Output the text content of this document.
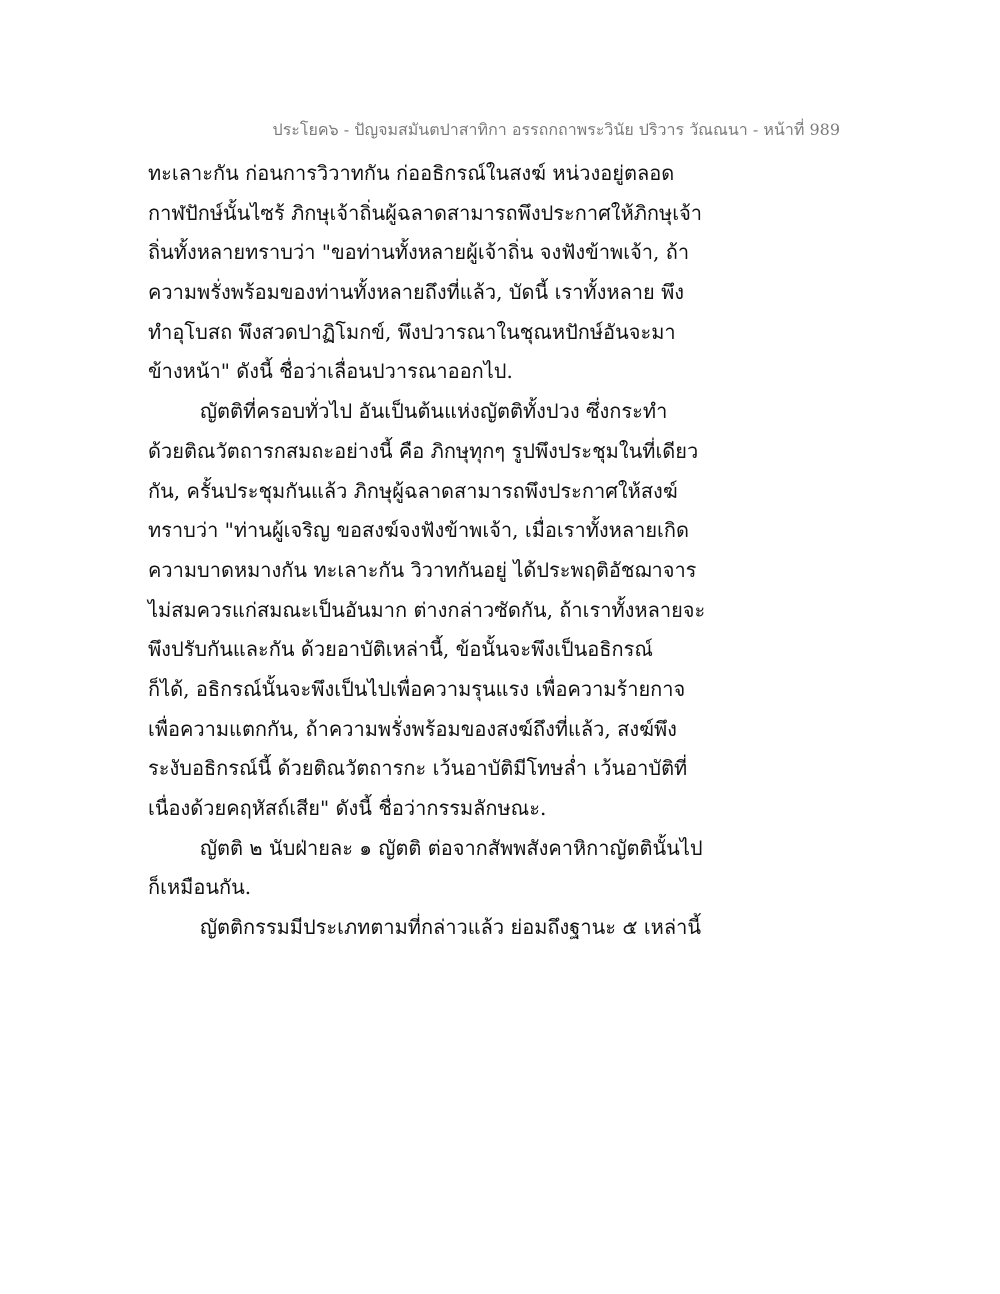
ประโยค๖ - ปัญจมสมันตปาสาทิกา อรรถกถาพระวินัย ปริวาร วัณณนา - หน้าที่ 989
ทะเลาะกัน ก่อนการวิวาทกัน ก่ออธิกรณ์ในสงฆ์ หน่วงอยู่ตลอด
กาฬปักษ์นั้นไซร้ ภิกษุเจ้าถิ่นผู้ฉลาดสามารถพึงประกาศให้ภิกษุเจ้า
ถิ่นทั้งหลายทราบว่า "ขอท่านทั้งหลายผู้เจ้าถิ่น จงฟังข้าพเจ้า, ถ้า
ความพรั่งพร้อมของท่านทั้งหลายถึงที่แล้ว, บัดนี้ เราทั้งหลาย พึง
ทำอุโบสถ พึงสวดปาฏิโมกข์, พึงปวารณาในชุณหปักษ์อันจะมา
ข้างหน้า" ดังนี้ ชื่อว่าเลื่อนปวารณาออกไป.
ญัตติที่ครอบทั่วไป อันเป็นต้นแห่งญัตติทั้งปวง ซึ่งกระทำ
ด้วยติณวัตถารกสมถะอย่างนี้ คือ ภิกษุทุกๆ รูปพึงประชุมในที่เดียว
กัน, ครั้นประชุมกันแล้ว ภิกษุผู้ฉลาดสามารถพึงประกาศให้สงฆ์
ทราบว่า "ท่านผู้เจริญ ขอสงฆ์จงฟังข้าพเจ้า, เมื่อเราทั้งหลายเกิด
ความบาดหมางกัน ทะเลาะกัน วิวาทกันอยู่ ได้ประพฤติอัชฌาจาร
ไม่สมควรแก่สมณะเป็นอันมาก ต่างกล่าวซัดกัน, ถ้าเราทั้งหลายจะ
พึงปรับกันและกัน ด้วยอาบัติเหล่านี้, ข้อนั้นจะพึงเป็นอธิกรณ์
ก็ได้, อธิกรณ์นั้นจะพึงเป็นไปเพื่อความรุนแรง เพื่อความร้ายกาจ
เพื่อความแตกกัน, ถ้าความพรั่งพร้อมของสงฆ์ถึงที่แล้ว, สงฆ์พึง
ระงับอธิกรณ์นี้ ด้วยติณวัตถารกะ เว้นอาบัติมีโทษล่ำ เว้นอาบัติที่
เนื่องด้วยคฤหัสถ์เสีย" ดังนี้ ชื่อว่ากรรมลักษณะ.
ญัตติ ๒ นับฝ่ายละ ๑ ญัตติ ต่อจากสัพพสังคาหิกาญัตตินั้นไป
ก็เหมือนกัน.
ญัตติกรรมมีประเภทตามที่กล่าวแล้ว ย่อมถึงฐานะ ๕ เหล่านี้
